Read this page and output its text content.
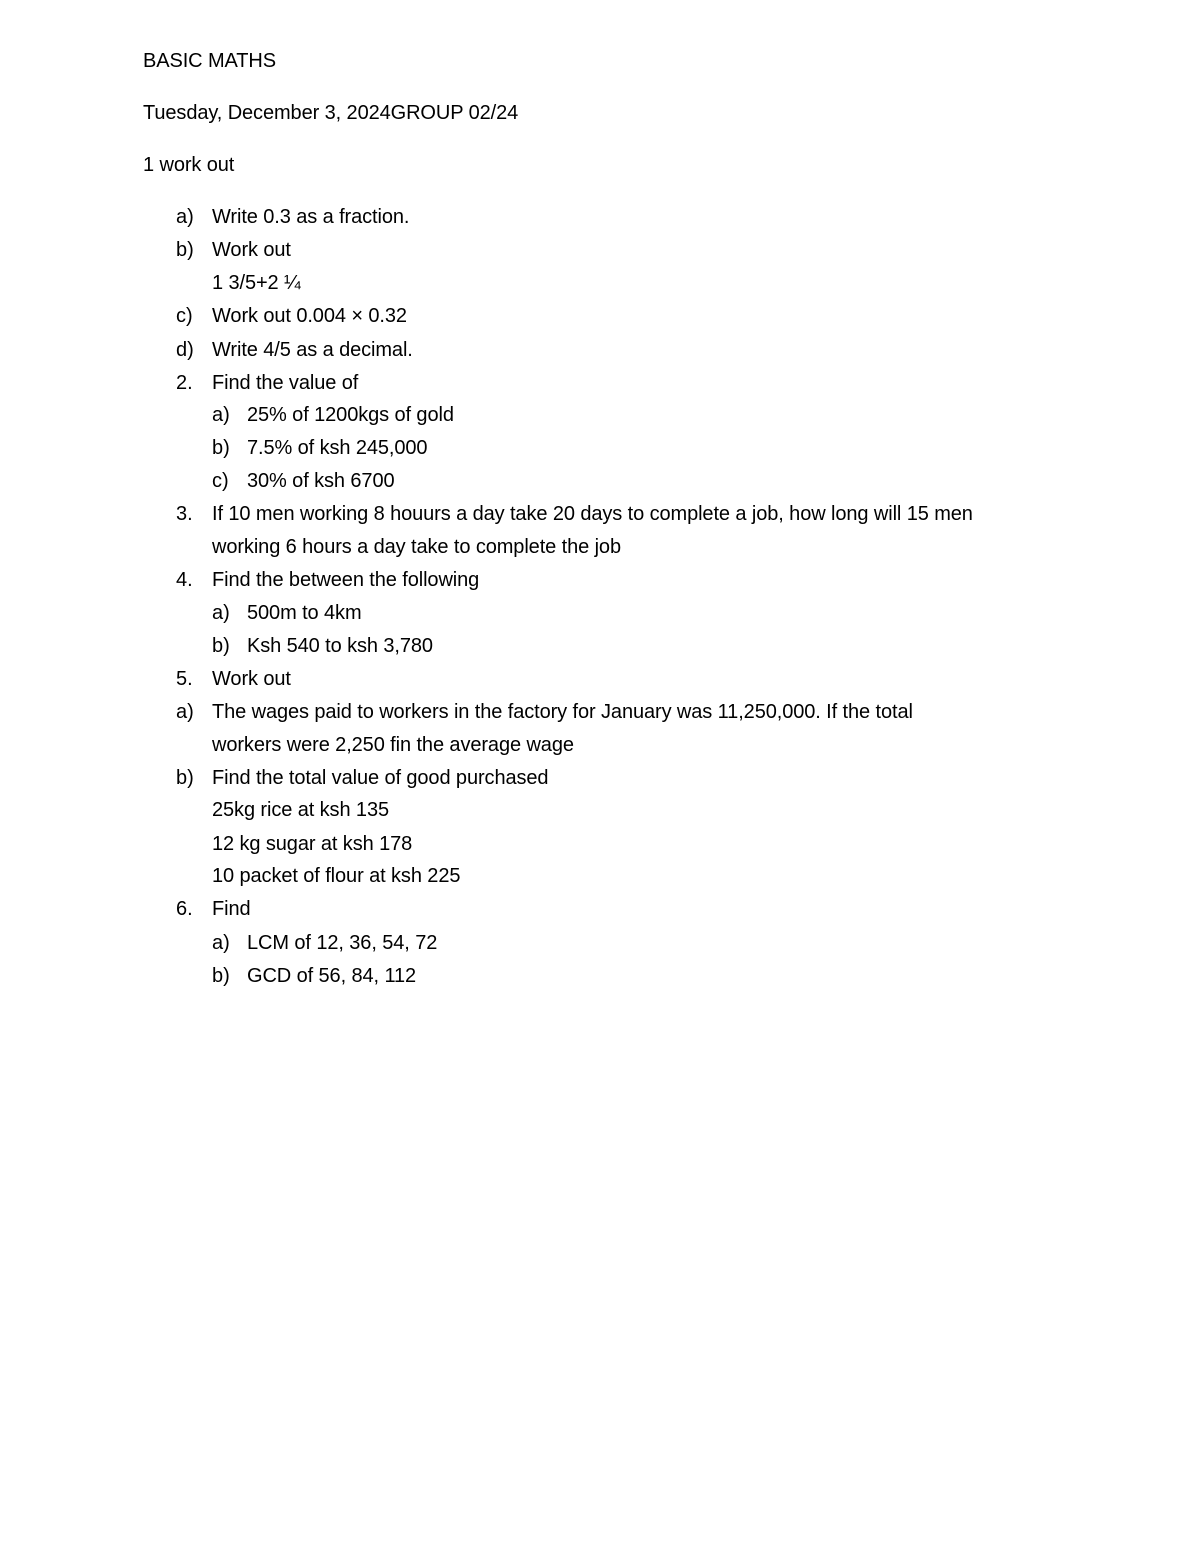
BASIC MATHS
Tuesday, December 3, 2024GROUP 02/24
1 work out
a) Write 0.3 as a fraction.
b) Work out
1 3/5+2 ¼
c) Work out 0.004 × 0.32
d) Write 4/5 as a decimal.
2. Find the value of
a) 25% of 1200kgs of gold
b) 7.5% of ksh 245,000
c) 30% of ksh 6700
3. If 10 men working 8 houurs a day take 20 days to complete a job, how long will 15 men
working 6 hours a day take to complete the job
4. Find the between the following
a) 500m to 4km
b) Ksh 540 to ksh 3,780
5. Work out
a) The wages paid to workers in the factory for January was 11,250,000. If the total
workers were 2,250 fin the average wage
b) Find the total value of good purchased
25kg rice at ksh 135
12 kg sugar at ksh 178
10 packet of flour at ksh 225
6. Find
a) LCM of 12, 36, 54, 72
b) GCD of 56, 84, 112
